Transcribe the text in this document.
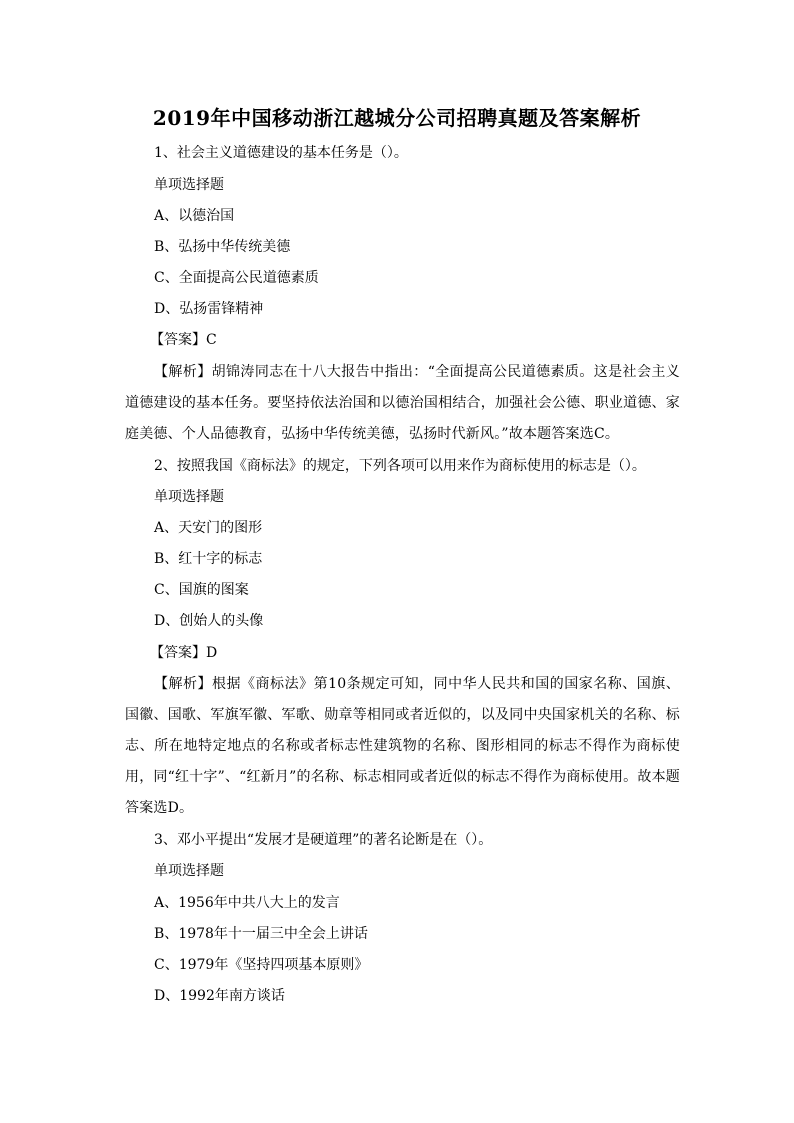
2019年中国移动浙江越城分公司招聘真题及答案解析

1、社会主义道德建设的基本任务是（）。

单项选择题

A、以德治国

B、弘扬中华传统美德

C、全面提高公民道德素质

D、弘扬雷锋精神

【答案】C

【解析】胡锦涛同志在十八大报告中指出：“全面提高公民道德素质。这是社会主义道德建设的基本任务。要坚持依法治国和以德治国相结合，加强社会公德、职业道德、家庭美德、个人品德教育，弘扬中华传统美德，弘扬时代新风。”故本题答案选C。

2、按照我国《商标法》的规定，下列各项可以用来作为商标使用的标志是（）。

单项选择题

A、天安门的图形

B、红十字的标志

C、国旗的图案

D、创始人的头像

【答案】D

【解析】根据《商标法》第10条规定可知，同中华人民共和国的国家名称、国旗、国徽、国歌、军旗军徽、军歌、勋章等相同或者近似的，以及同中央国家机关的名称、标志、所在地特定地点的名称或者标志性建筑物的名称、图形相同的标志不得作为商标使用，同“红十字”、“红新月”的名称、标志相同或者近似的标志不得作为商标使用。故本题答案选D。

3、邓小平提出“发展才是硬道理”的著名论断是在（）。

单项选择题

A、1956年中共八大上的发言

B、1978年十一届三中全会上讲话

C、1979年《坚持四项基本原则》

D、1992年南方谈话
